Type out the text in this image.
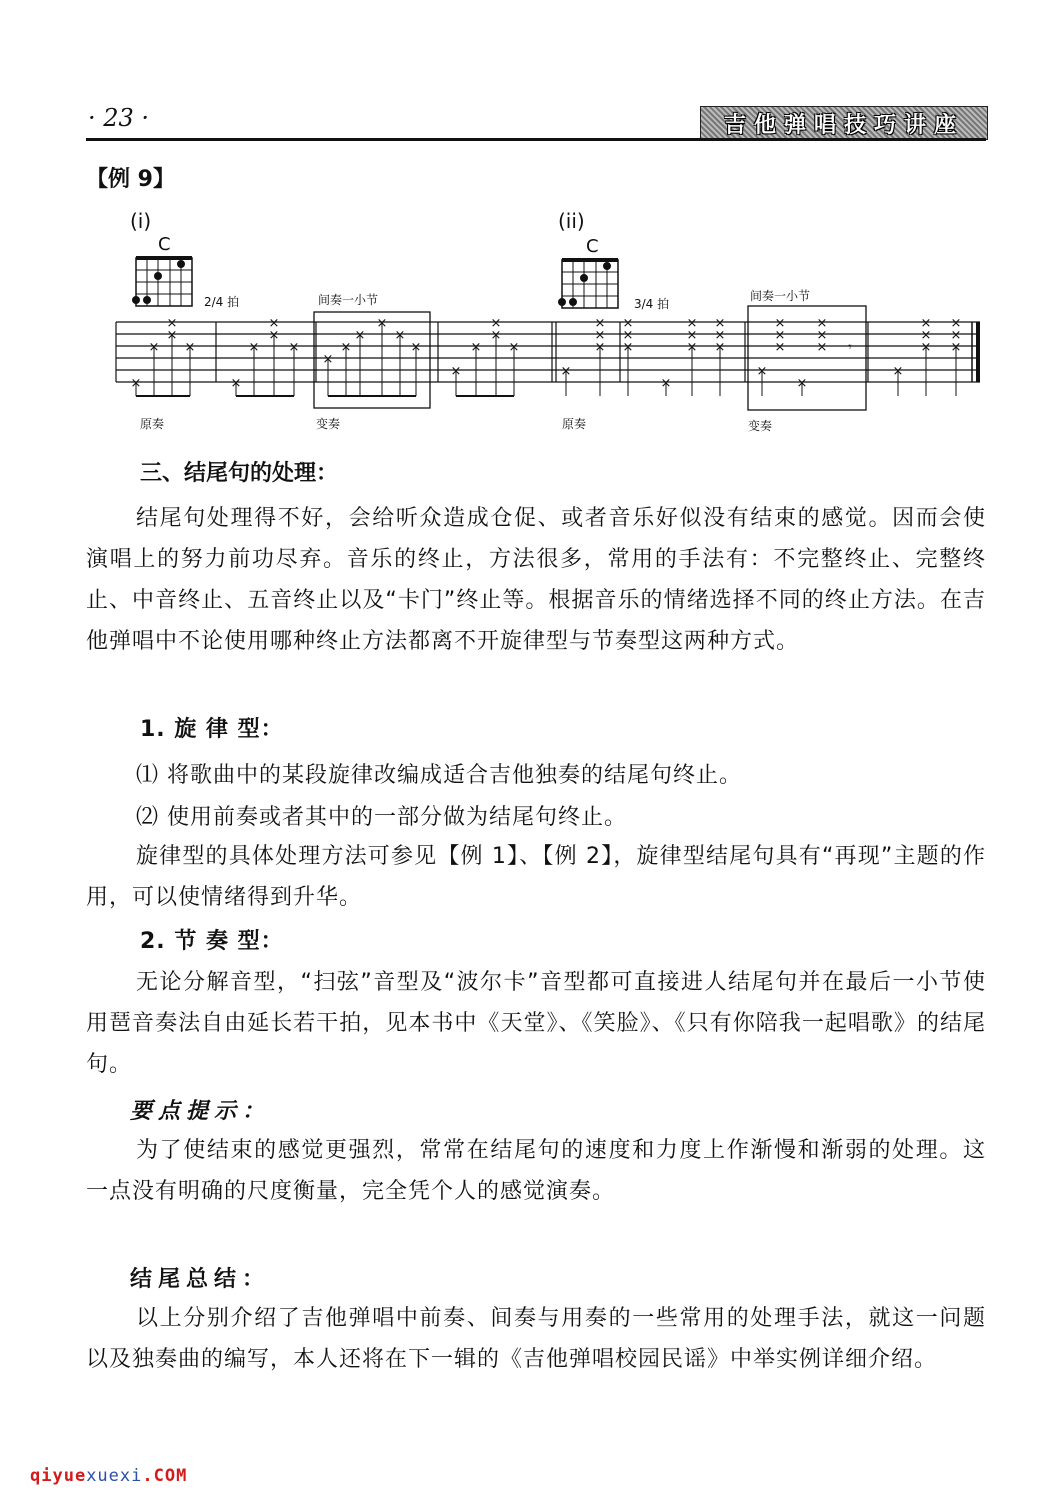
· 23 ·	吉他弹唱技巧讲座
【例 9】
(i)
C
2/4 拍	间奏一小节
(ii)
C
3/4 拍
间奏一小节
×
×
×
×
×
×
×
×
×
×
×
×
×
×
×
×
×
×
×
×
×
×
×
×
×
×
×
×
×
×
×
×
×
×
×
×
×
×
×
×
×
×
× 𝄾
×
×
×
×
×
×
×
原奏	变奏	原奏	变奏
三、结尾句的处理：
结尾句处理得不好，会给听众造成仓促、或者音乐好似没有结束的感觉。因而会使演唱上的努力前功尽弃。音乐的终止，方法很多，常用的手法有：不完整终止、完整终止、中音终止、五音终止以及“卡门”终止等。根据音乐的情绪选择不同的终止方法。在吉他弹唱中不论使用哪种终止方法都离不开旋律型与节奏型这两种方式。
1. 旋 律 型：
⑴ 将歌曲中的某段旋律改编成适合吉他独奏的结尾句终止。
⑵ 使用前奏或者其中的一部分做为结尾句终止。
旋律型的具体处理方法可参见【例 1】、【例 2】，旋律型结尾句具有“再现”主题的作用，可以使情绪得到升华。
2. 节 奏 型：
无论分解音型，“扫弦”音型及“波尔卡”音型都可直接进人结尾句并在最后一小节使用琶音奏法自由延长若干拍，见本书中《天堂》、《笑脸》、《只有你陪我一起唱歌》的结尾句。
要点提示：
为了使结束的感觉更强烈，常常在结尾句的速度和力度上作渐慢和渐弱的处理。这一点没有明确的尺度衡量，完全凭个人的感觉演奏。
结尾总结：
以上分别介绍了吉他弹唱中前奏、间奏与用奏的一些常用的处理手法，就这一问题以及独奏曲的编写，本人还将在下一辑的《吉他弹唱校园民谣》中举实例详细介绍。
qiyuexuexi.COM
